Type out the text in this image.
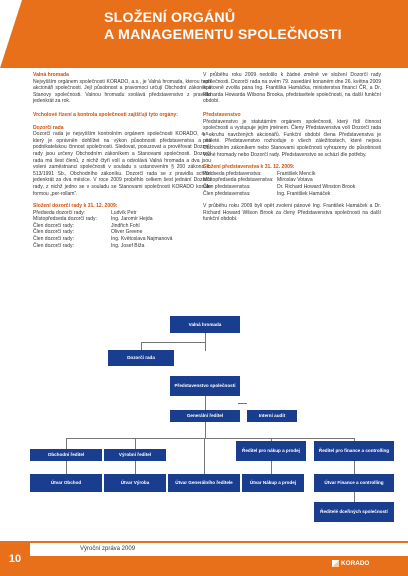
SLOŽENÍ ORGÁNŮ
A MANAGEMENTU SPOLEČNOSTI
Valná hromada
Nejvyšším orgánem společnosti KORADO, a.s., je Valná hromada, kterou tvoří akcionáři společnosti. Její působnost a pravomoci určují Obchodní zákoník a Stanovy společnosti. Valnou hromadu svolává představenstvo z pravidla jedenkrát za rok.
Vrcholové řízení a kontrola společnosti zajišťují tyto orgány:
Dozorčí rada
Dozorčí rada je nejvyšším kontrolním orgánem společnosti KORADO, a.s., který je oprávněn dohlížet na výkon působnosti představenstva a na podnikatelskou činnost společnosti. Sledovat, posuzovat a prověřovat Dozorčí rady jsou určeny Obchodním zákoníkem a Stanovami společnosti. Dozorčí rada má šest členů, z nichž čtyři volí a odvolává Valná hromada a dva jsou voleni zaměstnanci společnosti v souladu s ustanovením § 200 zákona č. 513/1991 Sb., Obchodního zákoníku. Dozorčí rada se z pravidla schází jedenkrát za dva měsíce. V roce 2009 proběhlo celkem šest jednání Dozorčí rady, z nichž jedno se v souladu se Stanovami společnosti KORADO konalo formou „per-rollam“.
Složení dozorčí rady k 31. 12. 2009:
Předseda dozorčí rady:	Ludvík Petr
Místopředseda dozorčí rady:	Ing. Jaromír Hejda
Člen dozorčí rady:	Jindřich Fohl
Člen dozorčí rady:	Oliver Greene
Člen dozorčí rady:	Ing. Květoslava Najmanová
Člen dozorčí rady:	Ing. Josef Bíža
V průběhu roku 2009 nedošlo k žádné změně ve složení Dozorčí rady společnosti. Dozorčí rada na svém 79. zasedání konaném dne 26. května 2009 opětovně zvolila pana Ing. Františka Hamáčka, ministerstva financí ČR, a Dr. Richarda Howarda Wilsona Brooka, představitele společnosti, na další funkční období.
Představenstvo
Představenstvo je statutárním orgánem společnosti, který řídí činnost společnosti a vystupuje jejím jménem. Členy Představenstva volí Dozorčí rada z okruhu navržených akcionářů. Funkční období člena Představenstva je pětileté. Představenstvo rozhoduje o všech záležitostech, které nejsou Obchodním zákoníkem nebo Stanovami společnosti vyhrazeny do působnosti Valné hromady nebo Dozorčí rady. Představenstvo se schází dle potřeby.
Složení představenstva k 31. 12. 2009:
Předseda představenstva:	František Mencík
Místopředseda představenstva: Miroslav Votava
Člen představenstva:	Dr. Richard Howard Winston Brook
Člen představenstva:	Ing. František Hamáček
V průběhu roku 2009 byli opět zvoleni pánové Ing. František Hamáček a Dr. Richard Howard Wilson Brook za členy Představenstva společnosti na další funkční období.
Valná hromada
Dozorčí rada
Představenstvo společnosti
Generální ředitel	Interní audit
Obchodní ředitel	Výrobní ředitel
Ředitel pro nákup a prodej	Ředitel pro finance a controlling
Útvar Obchod	Útvar Výroba	Útvar Generálního ředitele	Útvar Nákup a prodej	Útvar Finance a controlling
Ředitelé dceřiných společností
10
Výroční zpráva 2009
KORADO
